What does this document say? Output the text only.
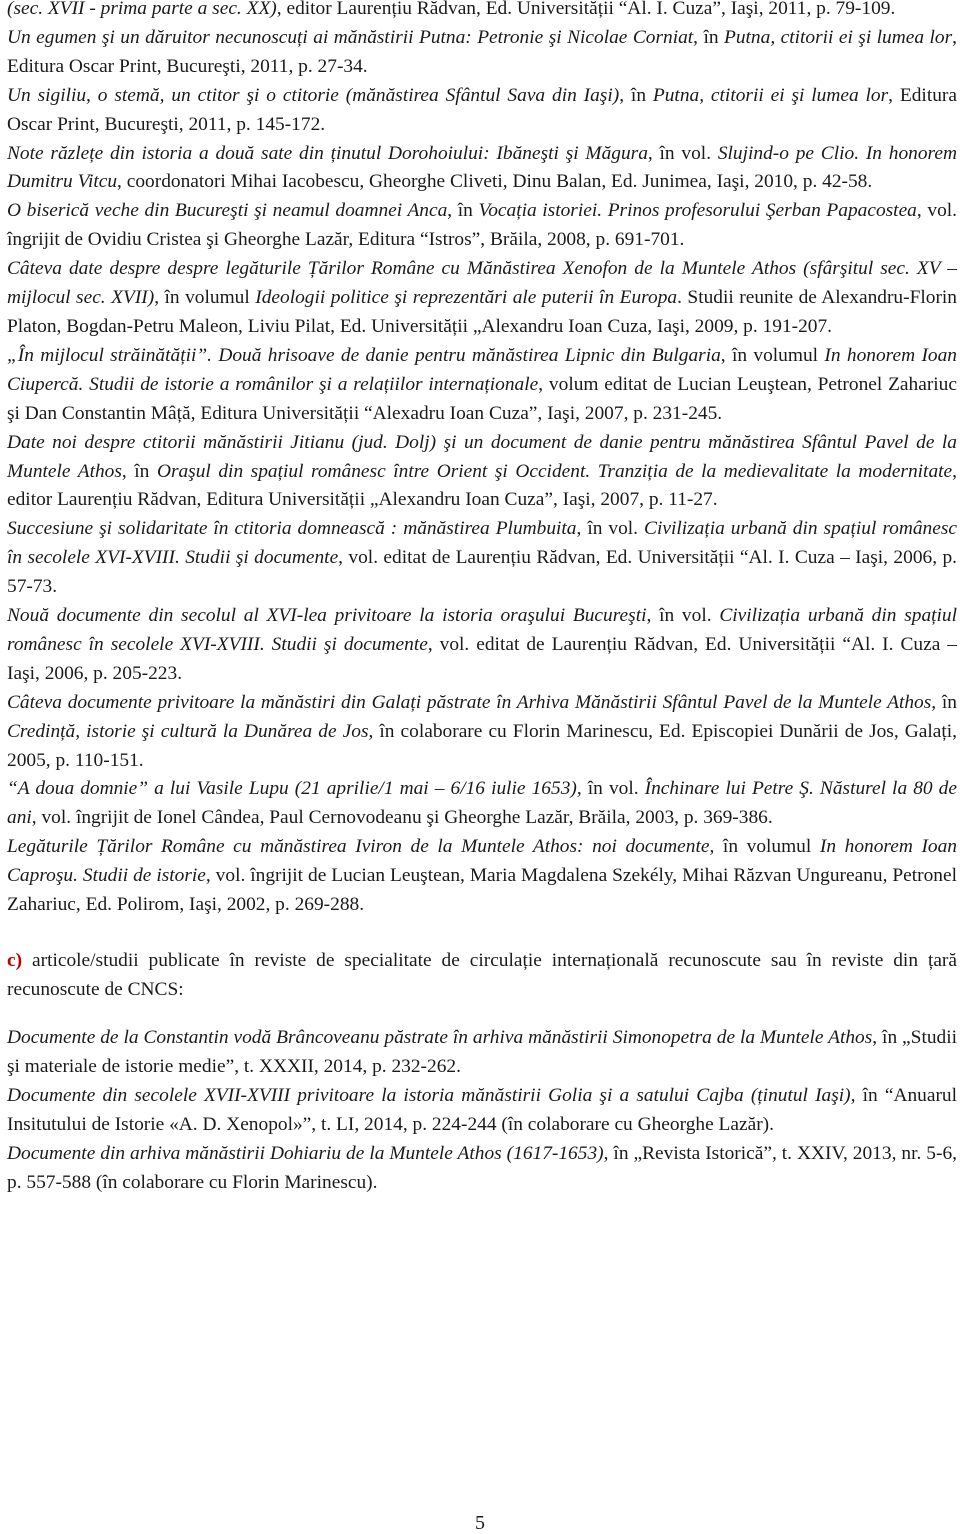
(sec. XVII - prima parte a sec. XX), editor Laurențiu Rădvan, Ed. Universității “Al. I. Cuza”, Iaşi, 2011, p. 79-109.

Un egumen şi un dăruitor necunoscuți ai mănăstirii Putna: Petronie şi Nicolae Corniat, în Putna, ctitorii ei şi lumea lor, Editura Oscar Print, Bucureşti, 2011, p. 27-34.

Un sigiliu, o stemă, un ctitor şi o ctitorie (mănăstirea Sfântul Sava din Iaşi), în Putna, ctitorii ei şi lumea lor, Editura Oscar Print, Bucureşti, 2011, p. 145-172.

Note răzlețe din istoria a două sate din ținutul Dorohoiului: Ibăneşti şi Măgura, în vol. Slujind-o pe Clio. In honorem Dumitru Vitcu, coordonatori Mihai Iacobescu, Gheorghe Cliveti, Dinu Balan, Ed. Junimea, Iaşi, 2010, p. 42-58.

O biserică veche din Bucureşti şi neamul doamnei Anca, în Vocația istoriei. Prinos profesorului Şerban Papacostea, vol. îngrijit de Ovidiu Cristea şi Gheorghe Lazăr, Editura “Istros”, Brăila, 2008, p. 691-701.

Câteva date despre despre legăturile Țărilor Române cu Mănăstirea Xenofon de la Muntele Athos (sfârşitul sec. XV – mijlocul sec. XVII), în volumul Ideologii politice şi reprezentări ale puterii în Europa. Studii reunite de Alexandru-Florin Platon, Bogdan-Petru Maleon, Liviu Pilat, Ed. Universității „Alexandru Ioan Cuza, Iaşi, 2009, p. 191-207.

„În mijlocul străinătății”. Două hrisoave de danie pentru mănăstirea Lipnic din Bulgaria, în volumul In honorem Ioan Ciupercă. Studii de istorie a românilor şi a relațiilor internaționale, volum editat de Lucian Leuştean, Petronel Zahariuc şi Dan Constantin Mâță, Editura Universității “Alexadru Ioan Cuza”, Iaşi, 2007, p. 231-245.

Date noi despre ctitorii mănăstirii Jitianu (jud. Dolj) şi un document de danie pentru mănăstirea Sfântul Pavel de la Muntele Athos, în Oraşul din spațiul românesc între Orient şi Occident. Tranziția de la medievalitate la modernitate, editor Laurențiu Rădvan, Editura Universității „Alexandru Ioan Cuza”, Iaşi, 2007, p. 11-27.

Succesiune şi solidaritate în ctitoria domnească : mănăstirea Plumbuita, în vol. Civilizația urbană din spațiul românesc în secolele XVI-XVIII. Studii şi documente, vol. editat de Laurențiu Rădvan, Ed. Universității “Al. I. Cuza – Iaşi, 2006, p. 57-73.

Nouă documente din secolul al XVI-lea privitoare la istoria oraşului Bucureşti, în vol. Civilizația urbană din spațiul românesc în secolele XVI-XVIII. Studii şi documente, vol. editat de Laurențiu Rădvan, Ed. Universității “Al. I. Cuza – Iaşi, 2006, p. 205-223.

Câteva documente privitoare la mănăstiri din Galați păstrate în Arhiva Mănăstirii Sfântul Pavel de la Muntele Athos, în Credință, istorie şi cultură la Dunărea de Jos, în colaborare cu Florin Marinescu, Ed. Episcopiei Dunării de Jos, Galați, 2005, p. 110-151.

“A doua domnie” a lui Vasile Lupu (21 aprilie/1 mai – 6/16 iulie 1653), în vol. Închinare lui Petre Ş. Năsturel la 80 de ani, vol. îngrijit de Ionel Cândea, Paul Cernovodeanu şi Gheorghe Lazăr, Brăila, 2003, p. 369-386.

Legăturile Țărilor Române cu mănăstirea Iviron de la Muntele Athos: noi documente, în volumul In honorem Ioan Caproşu. Studii de istorie, vol. îngrijit de Lucian Leuştean, Maria Magdalena Szekély, Mihai Răzvan Ungureanu, Petronel Zahariuc, Ed. Polirom, Iaşi, 2002, p. 269-288.

c) articole/studii publicate în reviste de specialitate de circulație internațională recunoscute sau în reviste din țară recunoscute de CNCS:

Documente de la Constantin vodă Brâncoveanu păstrate în arhiva mănăstirii Simonopetra de la Muntele Athos, în „Studii şi materiale de istorie medie”, t. XXXII, 2014, p. 232-262.

Documente din secolele XVII-XVIII privitoare la istoria mănăstirii Golia şi a satului Cajba (ținutul Iaşi), în “Anuarul Insitutului de Istorie «A. D. Xenopol»”, t. LI, 2014, p. 224-244 (în colaborare cu Gheorghe Lazăr).

Documente din arhiva mănăstirii Dohiariu de la Muntele Athos (1617-1653), în „Revista Istorică”, t. XXIV, 2013, nr. 5-6, p. 557-588 (în colaborare cu Florin Marinescu).

5
